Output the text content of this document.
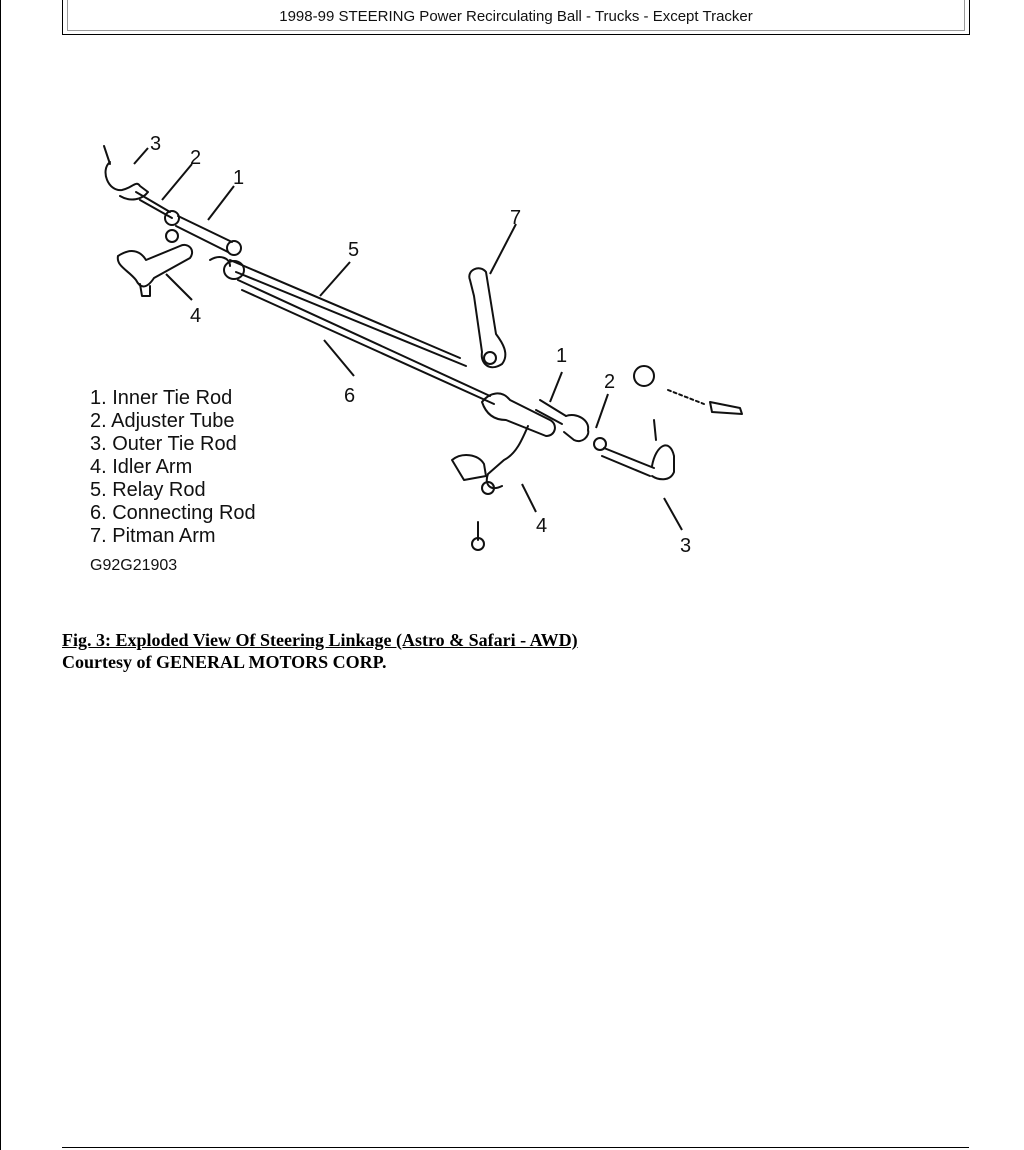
1998-99 STEERING Power Recirculating Ball - Trucks - Except Tracker
3
2
1
4
5
6
7
1
2
4
3
1. Inner Tie Rod
2. Adjuster Tube
3. Outer Tie Rod
4. Idler Arm
5. Relay Rod
6. Connecting Rod
7. Pitman Arm
G92G21903
Fig. 3: Exploded View Of Steering Linkage (Astro & Safari - AWD)
Courtesy of GENERAL MOTORS CORP.
